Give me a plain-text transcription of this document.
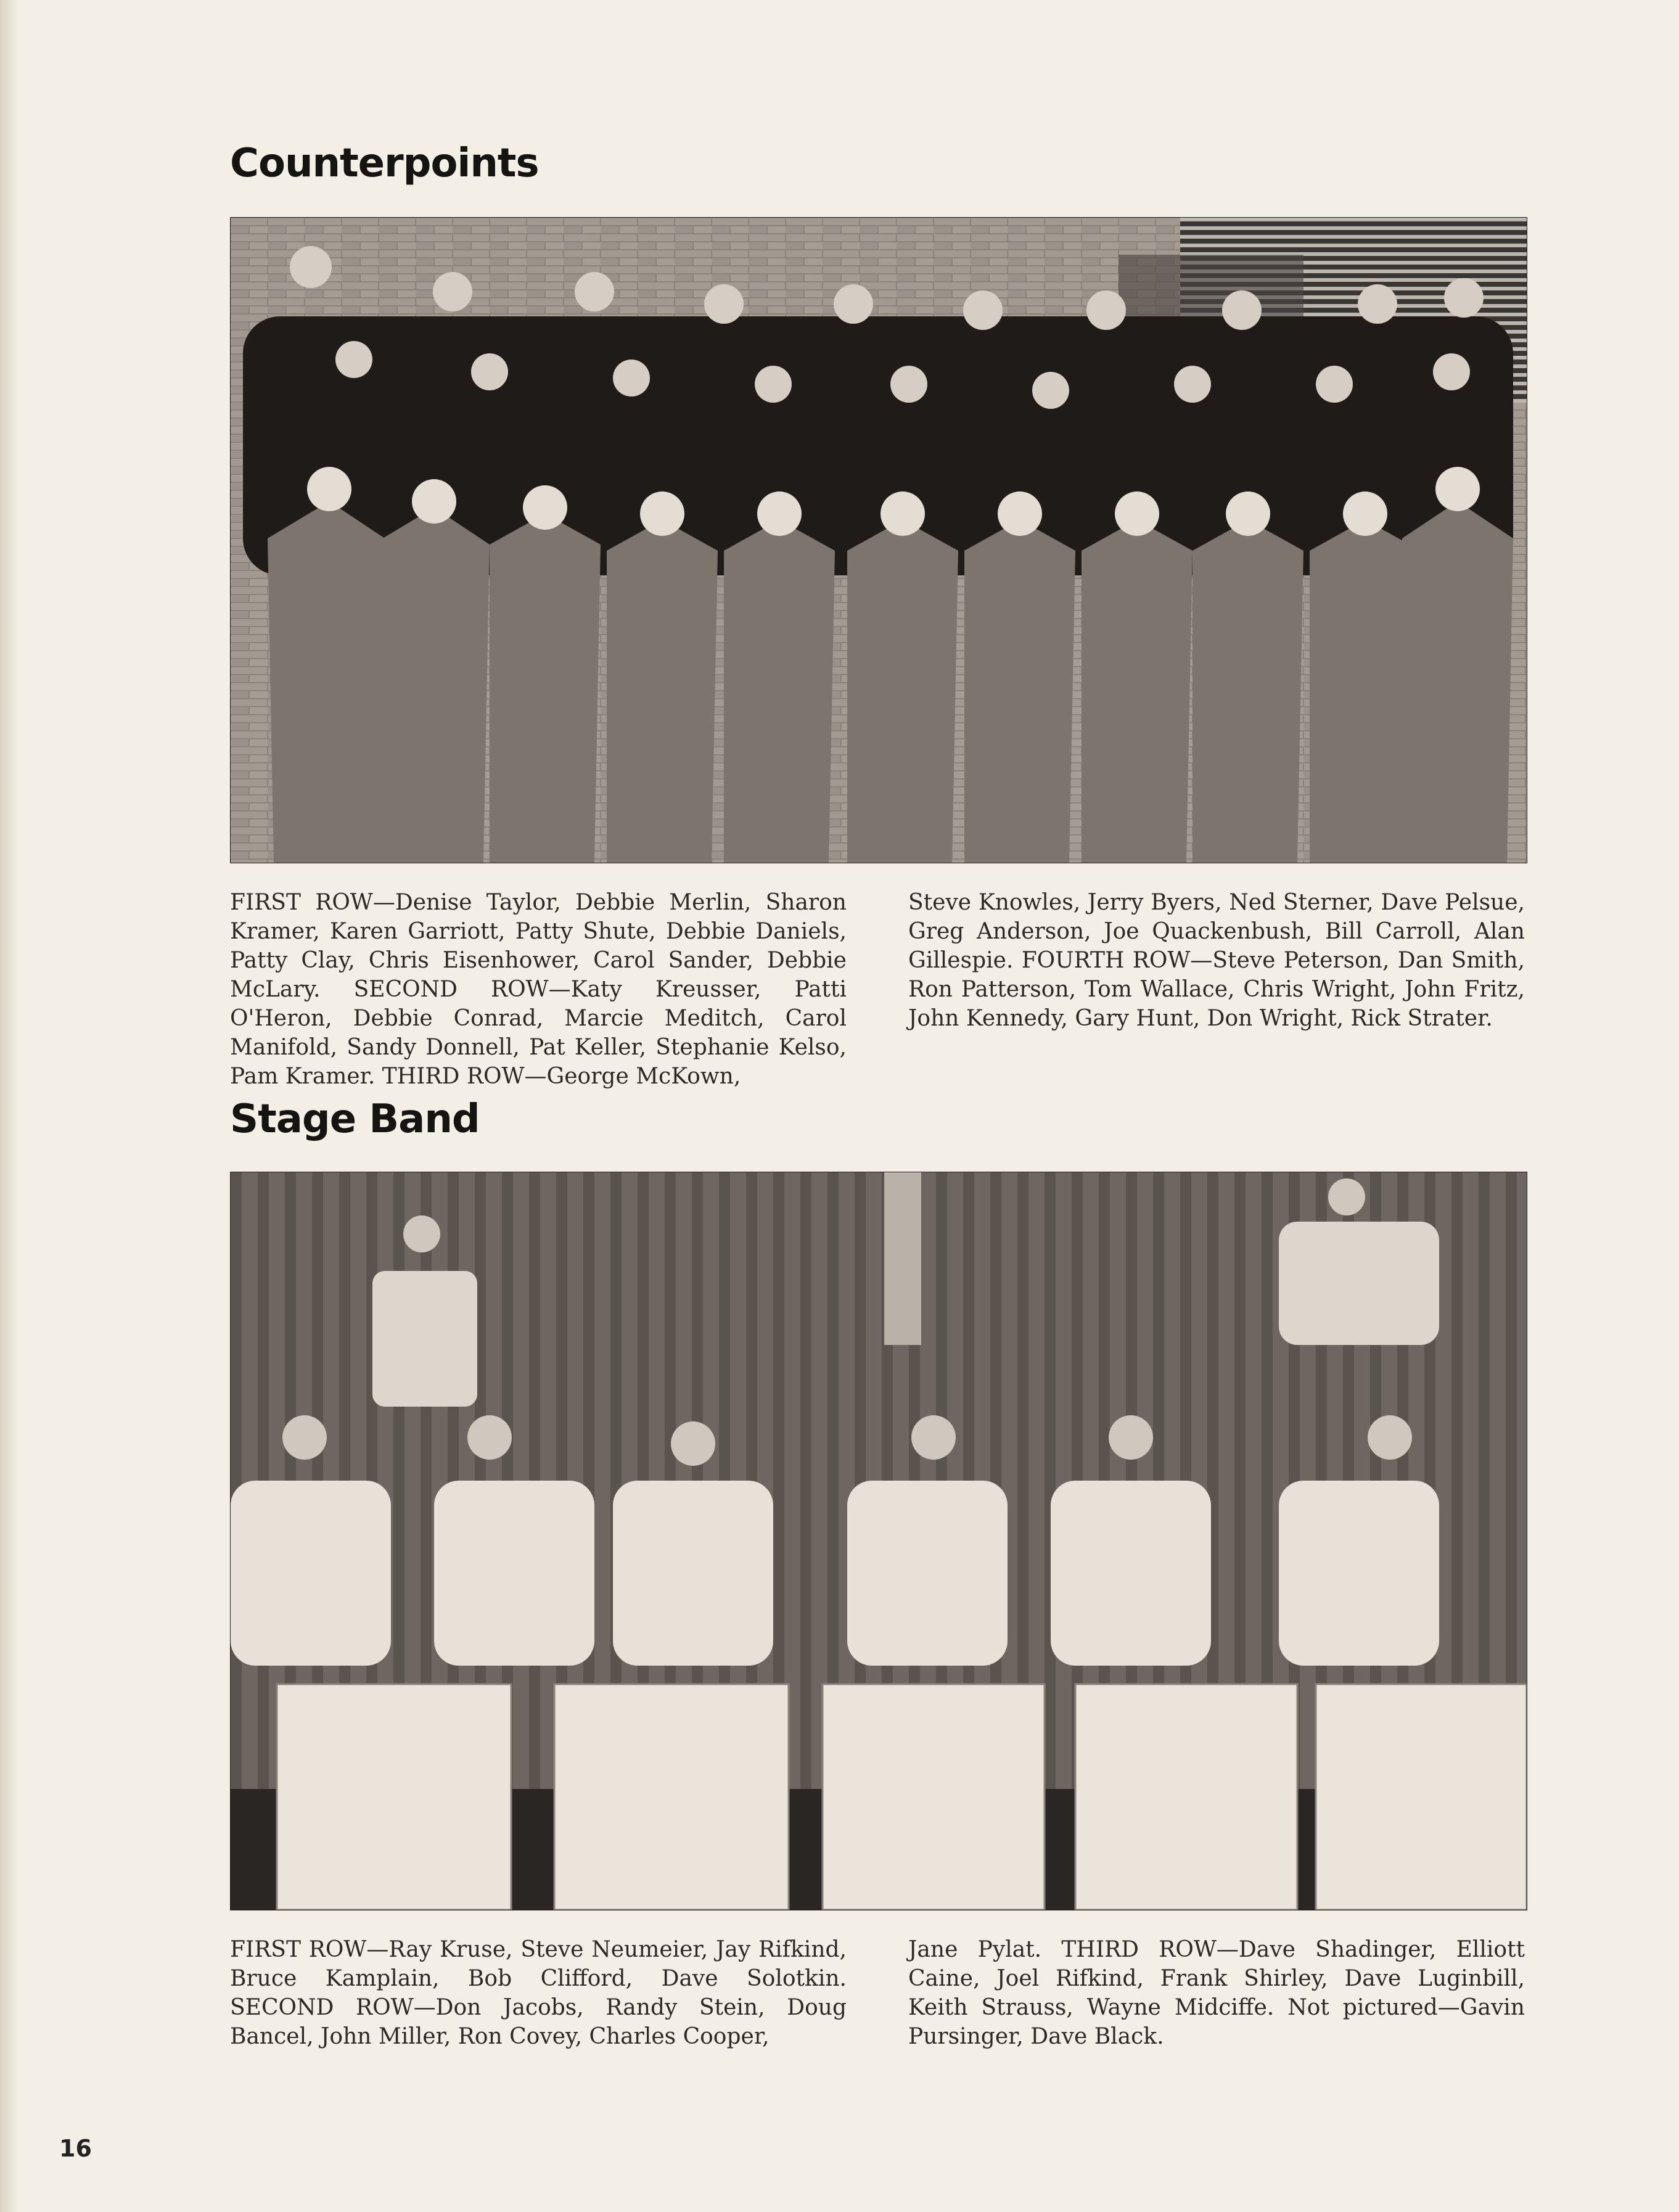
Counterpoints
FIRST ROW—Denise Taylor, Debbie Merlin, Sharon Kramer, Karen Garriott, Patty Shute, Debbie Daniels, Patty Clay, Chris Eisenhower, Carol Sander, Debbie McLary. SECOND ROW—Katy Kreusser, Patti O'Heron, Debbie Conrad, Marcie Meditch, Carol Manifold, Sandy Donnell, Pat Keller, Stephanie Kelso, Pam Kramer. THIRD ROW—George McKown,
Steve Knowles, Jerry Byers, Ned Sterner, Dave Pelsue, Greg Anderson, Joe Quackenbush, Bill Carroll, Alan Gillespie. FOURTH ROW—Steve Peterson, Dan Smith, Ron Patterson, Tom Wallace, Chris Wright, John Fritz, John Kennedy, Gary Hunt, Don Wright, Rick Strater.
Stage Band
FIRST ROW—Ray Kruse, Steve Neumeier, Jay Rifkind, Bruce Kamplain, Bob Clifford, Dave Solotkin. SECOND ROW—Don Jacobs, Randy Stein, Doug Bancel, John Miller, Ron Covey, Charles Cooper,
Jane Pylat. THIRD ROW—Dave Shadinger, Elliott Caine, Joel Rifkind, Frank Shirley, Dave Luginbill, Keith Strauss, Wayne Midciffe. Not pictured—Gavin Pursinger, Dave Black.
16
